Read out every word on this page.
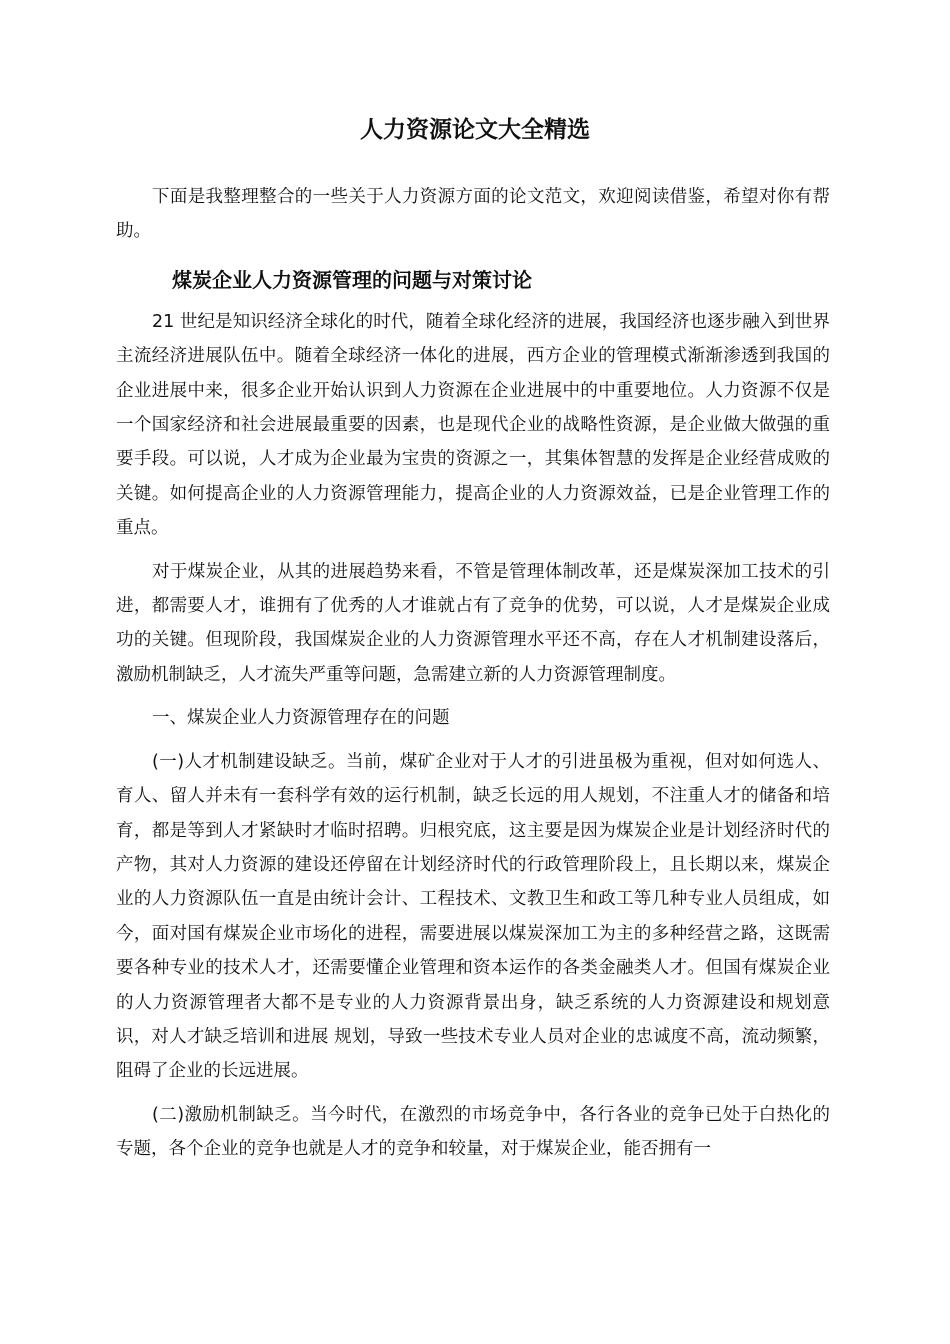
人力资源论文大全精选

下面是我整理整合的一些关于人力资源方面的论文范文，欢迎阅读借鉴，希望对你有帮助。

煤炭企业人力资源管理的问题与对策讨论

21 世纪是知识经济全球化的时代，随着全球化经济的进展，我国经济也逐步融入到世界主流经济进展队伍中。随着全球经济一体化的进展，西方企业的管理模式渐渐渗透到我国的企业进展中来，很多企业开始认识到人力资源在企业进展中的中重要地位。人力资源不仅是一个国家经济和社会进展最重要的因素，也是现代企业的战略性资源，是企业做大做强的重要手段。可以说，人才成为企业最为宝贵的资源之一，其集体智慧的发挥是企业经营成败的关键。如何提高企业的人力资源管理能力，提高企业的人力资源效益，已是企业管理工作的重点。

对于煤炭企业，从其的进展趋势来看，不管是管理体制改革，还是煤炭深加工技术的引进，都需要人才，谁拥有了优秀的人才谁就占有了竞争的优势，可以说，人才是煤炭企业成功的关键。但现阶段，我国煤炭企业的人力资源管理水平还不高，存在人才机制建设落后，激励机制缺乏，人才流失严重等问题，急需建立新的人力资源管理制度。

一、煤炭企业人力资源管理存在的问题

(一)人才机制建设缺乏。当前，煤矿企业对于人才的引进虽极为重视，但对如何选人、育人、留人并未有一套科学有效的运行机制，缺乏长远的用人规划，不注重人才的储备和培育，都是等到人才紧缺时才临时招聘。归根究底，这主要是因为煤炭企业是计划经济时代的产物，其对人力资源的建设还停留在计划经济时代的行政管理阶段上，且长期以来，煤炭企业的人力资源队伍一直是由统计会计、工程技术、文教卫生和政工等几种专业人员组成，如今，面对国有煤炭企业市场化的进程，需要进展以煤炭深加工为主的多种经营之路，这既需要各种专业的技术人才，还需要懂企业管理和资本运作的各类金融类人才。但国有煤炭企业的人力资源管理者大都不是专业的人力资源背景出身，缺乏系统的人力资源建设和规划意识，对人才缺乏培训和进展 规划，导致一些技术专业人员对企业的忠诚度不高，流动频繁，阻碍了企业的长远进展。

(二)激励机制缺乏。当今时代，在激烈的市场竞争中，各行各业的竞争已处于白热化的专题，各个企业的竞争也就是人才的竞争和较量，对于煤炭企业，能否拥有一
